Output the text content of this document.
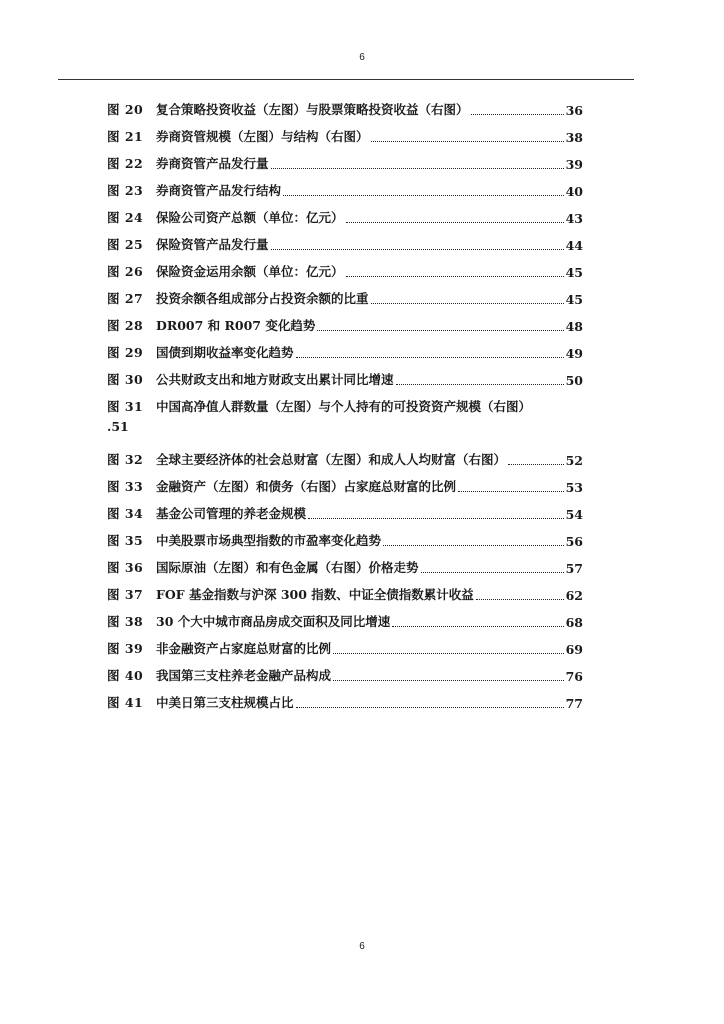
6
图 20	复合策略投资收益（左图）与股票策略投资收益（右图）	36
图 21	券商资管规模（左图）与结构（右图）	38
图 22	券商资管产品发行量	39
图 23	券商资管产品发行结构	40
图 24	保险公司资产总额（单位：亿元）	43
图 25	保险资管产品发行量	44
图 26	保险资金运用余额（单位：亿元）	45
图 27	投资余额各组成部分占投资余额的比重	45
图 28	DR007 和 R007 变化趋势	48
图 29	国债到期收益率变化趋势	49
图 30	公共财政支出和地方财政支出累计同比增速	50
图 31	中国高净值人群数量（左图）与个人持有的可投资资产规模（右图）
.51
图 32	全球主要经济体的社会总财富（左图）和成人人均财富（右图）	52
图 33	金融资产（左图）和债务（右图）占家庭总财富的比例	53
图 34	基金公司管理的养老金规模	54
图 35	中美股票市场典型指数的市盈率变化趋势	56
图 36	国际原油（左图）和有色金属（右图）价格走势	57
图 37	FOF 基金指数与沪深 300 指数、中证全债指数累计收益	62
图 38	30 个大中城市商品房成交面积及同比增速	68
图 39	非金融资产占家庭总财富的比例	69
图 40	我国第三支柱养老金融产品构成	76
图 41	中美日第三支柱规模占比	77
6
